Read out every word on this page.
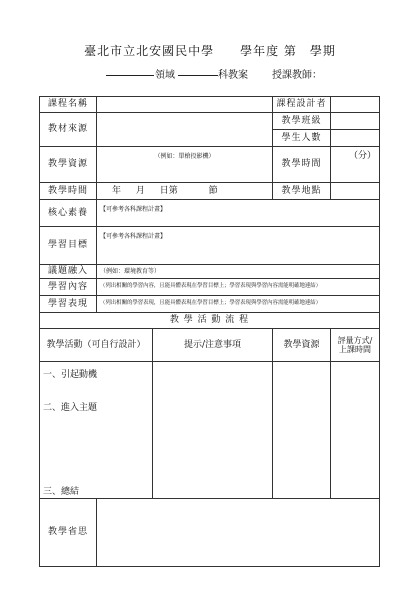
臺北市立北安國民中學　　學年度 第　學期
領域	科教案 授課教師：
課程名稱			課程設計者	
教材來源			教學班級	
			學生人數	
教學資源	（例如：單槍投影機）		教學時間	（分）
教學時間	年 月 日第 節		教學地點	
核心素養	【可參考各科課程計畫】			
學習目標	【可參考各科課程計畫】			
議題融入	（例如：環境教育等）			
學習內容	（列出相關的學習內容，且能具體表現在學習目標上；學習表現與學習內容需能明確地連結）			
學習表現	（列出相關的學習表現，且能具體表現在學習目標上；學習表現與學習內容需能明確地連結）			
教 學 活 動 流 程				
教學活動（可自行設計）		提示/注意事項	教學資源	評量方式/
上課時間

一、引起動機
二、進入主題
三、總結				

教學省思				
